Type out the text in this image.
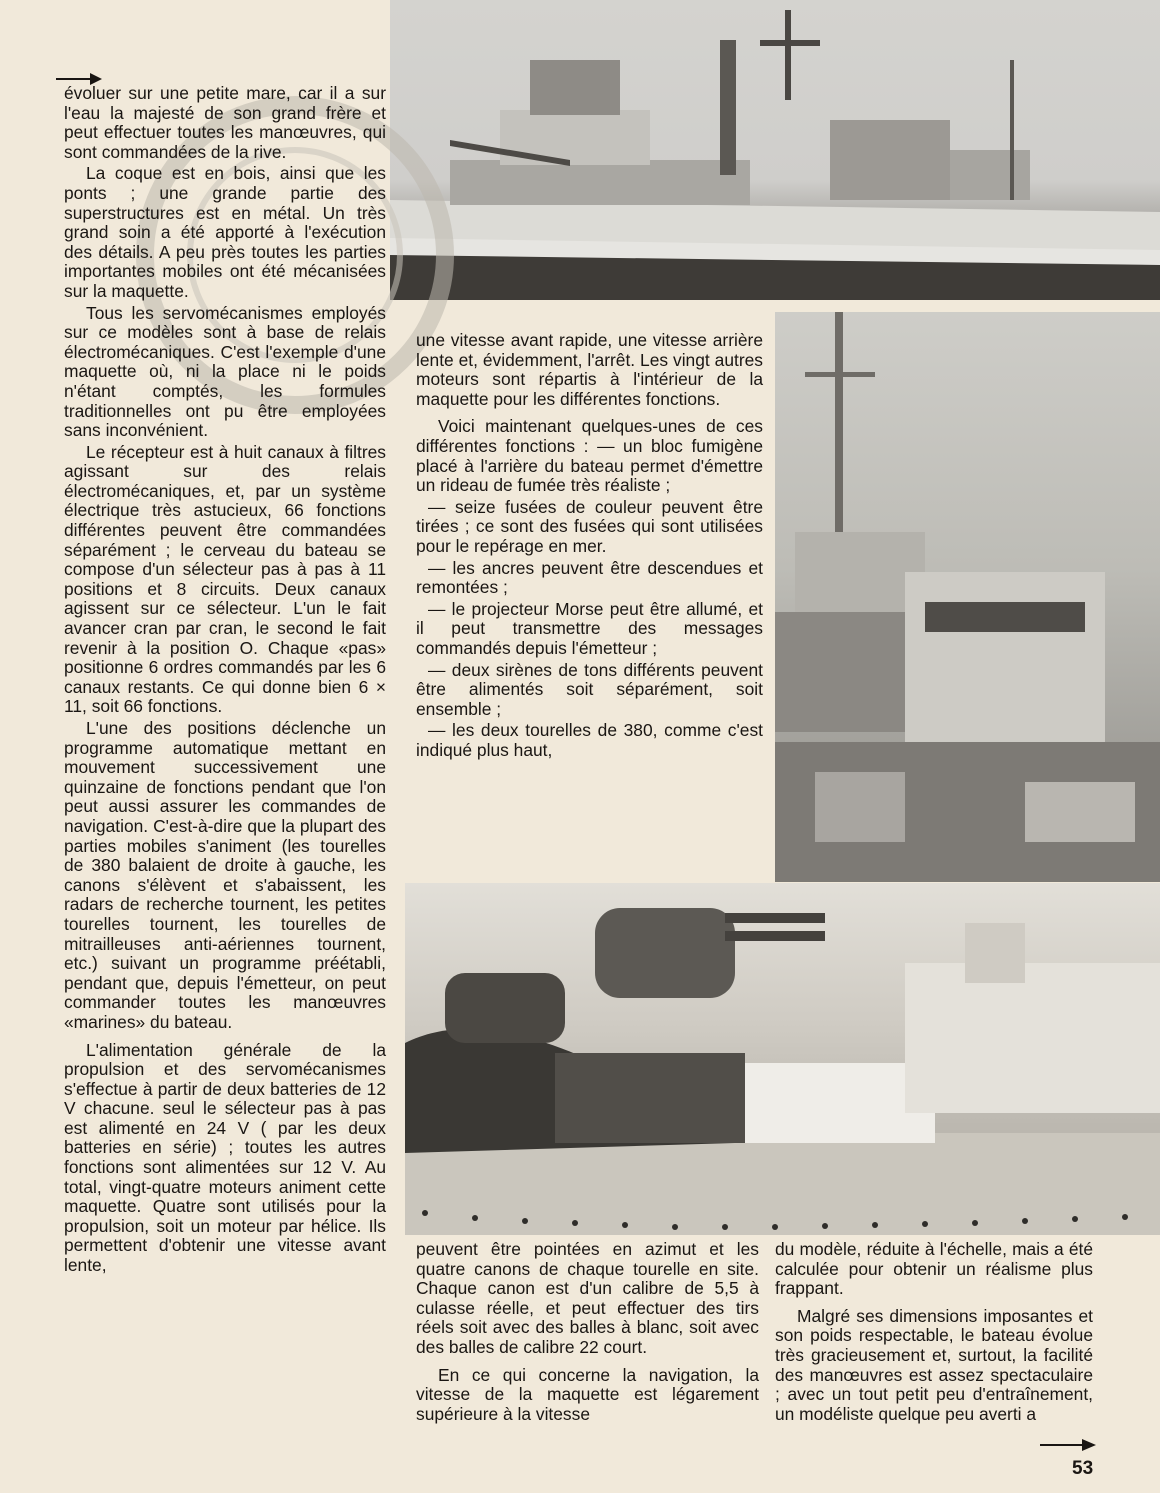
évoluer sur une petite mare, car il a sur l'eau la majesté de son grand frère et peut effectuer toutes les manœuvres, qui sont commandées de la rive.

La coque est en bois, ainsi que les ponts ; une grande partie des superstructures est en métal. Un très grand soin a été apporté à l'exécution des détails. A peu près toutes les parties importantes mobiles ont été mécanisées sur la maquette.

Tous les servomécanismes employés sur ce modèles sont à base de relais électromécaniques. C'est l'exemple d'une maquette où, ni la place ni le poids n'étant comptés, les formules traditionnelles ont pu être employées sans inconvénient.

Le récepteur est à huit canaux à filtres agissant sur des relais électromécaniques, et, par un système électrique très astucieux, 66 fonctions différentes peuvent être commandées séparément ; le cerveau du bateau se compose d'un sélecteur pas à pas à 11 positions et 8 circuits. Deux canaux agissent sur ce sélecteur. L'un le fait avancer cran par cran, le second le fait revenir à la position O. Chaque «pas» positionne 6 ordres commandés par les 6 canaux restants. Ce qui donne bien 6 × 11, soit 66 fonctions.

L'une des positions déclenche un programme automatique mettant en mouvement successivement une quinzaine de fonctions pendant que l'on peut aussi assurer les commandes de navigation. C'est-à-dire que la plupart des parties mobiles s'animent (les tourelles de 380 balaient de droite à gauche, les canons s'élèvent et s'abaissent, les radars de recherche tournent, les petites tourelles tournent, les tourelles de mitrailleuses anti-aériennes tournent, etc.) suivant un programme préétabli, pendant que, depuis l'émetteur, on peut commander toutes les manœuvres «marines» du bateau.

L'alimentation générale de la propulsion et des servomécanismes s'effectue à partir de deux batteries de 12 V chacune. seul le sélecteur pas à pas est alimenté en 24 V ( par les deux batteries en série) ; toutes les autres fonctions sont alimentées sur 12 V. Au total, vingt-quatre moteurs animent cette maquette. Quatre sont utilisés pour la propulsion, soit un moteur par hélice. Ils permettent d'obtenir une vitesse avant lente,

une vitesse avant rapide, une vitesse arrière lente et, évidemment, l'arrêt. Les vingt autres moteurs sont répartis à l'intérieur de la maquette pour les différentes fonctions.

Voici maintenant quelques-unes de ces différentes fonctions : — un bloc fumigène placé à l'arrière du bateau permet d'émettre un rideau de fumée très réaliste ;

— seize fusées de couleur peuvent être tirées ; ce sont des fusées qui sont utilisées pour le repérage en mer.

— les ancres peuvent être descendues et remontées ;

— le projecteur Morse peut être allumé, et il peut transmettre des messages commandés depuis l'émetteur ;

— deux sirènes de tons différents peuvent être alimentés soit séparément, soit ensemble ;

— les deux tourelles de 380, comme c'est indiqué plus haut,

peuvent être pointées en azimut et les quatre canons de chaque tourelle en site. Chaque canon est d'un calibre de 5,5 à culasse réelle, et peut effectuer des tirs réels soit avec des balles à blanc, soit avec des balles de calibre 22 court.

En ce qui concerne la navigation, la vitesse de la maquette est légarement supérieure à la vitesse

du modèle, réduite à l'échelle, mais a été calculée pour obtenir un réalisme plus frappant.

Malgré ses dimensions imposantes et son poids respectable, le bateau évolue très gracieusement et, surtout, la facilité des manœuvres est assez spectaculaire ; avec un tout petit peu d'entraînement, un modéliste quelque peu averti a

53
